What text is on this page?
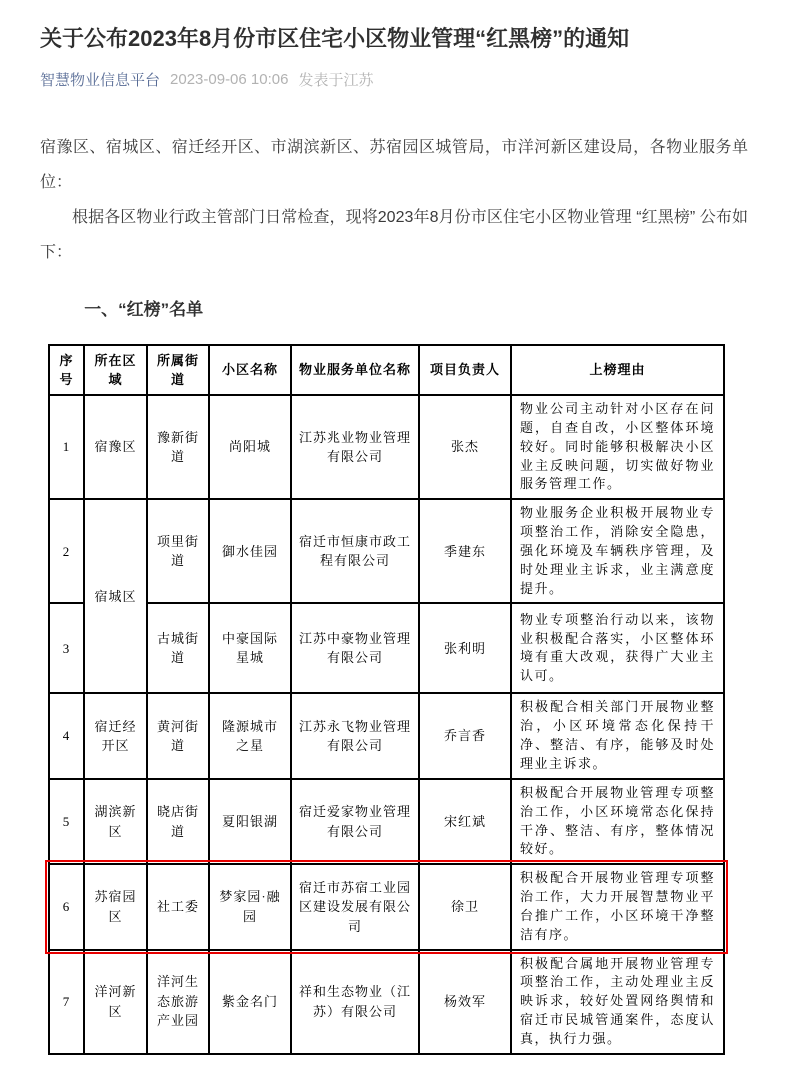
关于公布2023年8月份市区住宅小区物业管理“红黑榜”的通知
智慧物业信息平台 2023-09-06 10:06 发表于江苏

宿豫区、宿城区、宿迁经开区、市湖滨新区、苏宿园区城管局，市洋河新区建设局，各物业服务单位：

根据各区物业行政主管部门日常检查，现将2023年8月份市区住宅小区物业管理 “红黑榜” 公布如下：

一、“红榜”名单
序号	所在区域	所属街道	小区名称	物业服务单位名称	项目负责人	上榜理由
1	宿豫区	豫新街道	尚阳城	江苏兆业物业管理有限公司	张杰	物业公司主动针对小区存在问题，自查自改，小区整体环境较好。同时能够积极解决小区业主反映问题，切实做好物业服务管理工作。
2	宿城区	项里街道	御水佳园	宿迁市恒康市政工程有限公司	季建东	物业服务企业积极开展物业专项整治工作，消除安全隐患，强化环境及车辆秩序管理，及时处理业主诉求，业主满意度提升。
3		古城街道	中豪国际星城	江苏中豪物业管理有限公司	张利明	物业专项整治行动以来，该物业积极配合落实，小区整体环境有重大改观，获得广大业主认可。
4	宿迁经开区	黄河街道	隆源城市之星	江苏永飞物业管理有限公司	乔言香	积极配合相关部门开展物业整治，小区环境常态化保持干净、整洁、有序，能够及时处理业主诉求。
5	湖滨新区	晓店街道	夏阳银湖	宿迁爱家物业管理有限公司	宋红斌	积极配合开展物业管理专项整治工作，小区环境常态化保持干净、整洁、有序，整体情况较好。
6	苏宿园区	社工委	梦家园·融园	宿迁市苏宿工业园区建设发展有限公司	徐卫	积极配合开展物业管理专项整治工作，大力开展智慧物业平台推广工作，小区环境干净整洁有序。
7	洋河新区	洋河生态旅游产业园	紫金名门	祥和生态物业（江苏）有限公司	杨效军	积极配合属地开展物业管理专项整治工作，主动处理业主反映诉求，较好处置网络舆情和宿迁市民城管通案件，态度认真，执行力强。
